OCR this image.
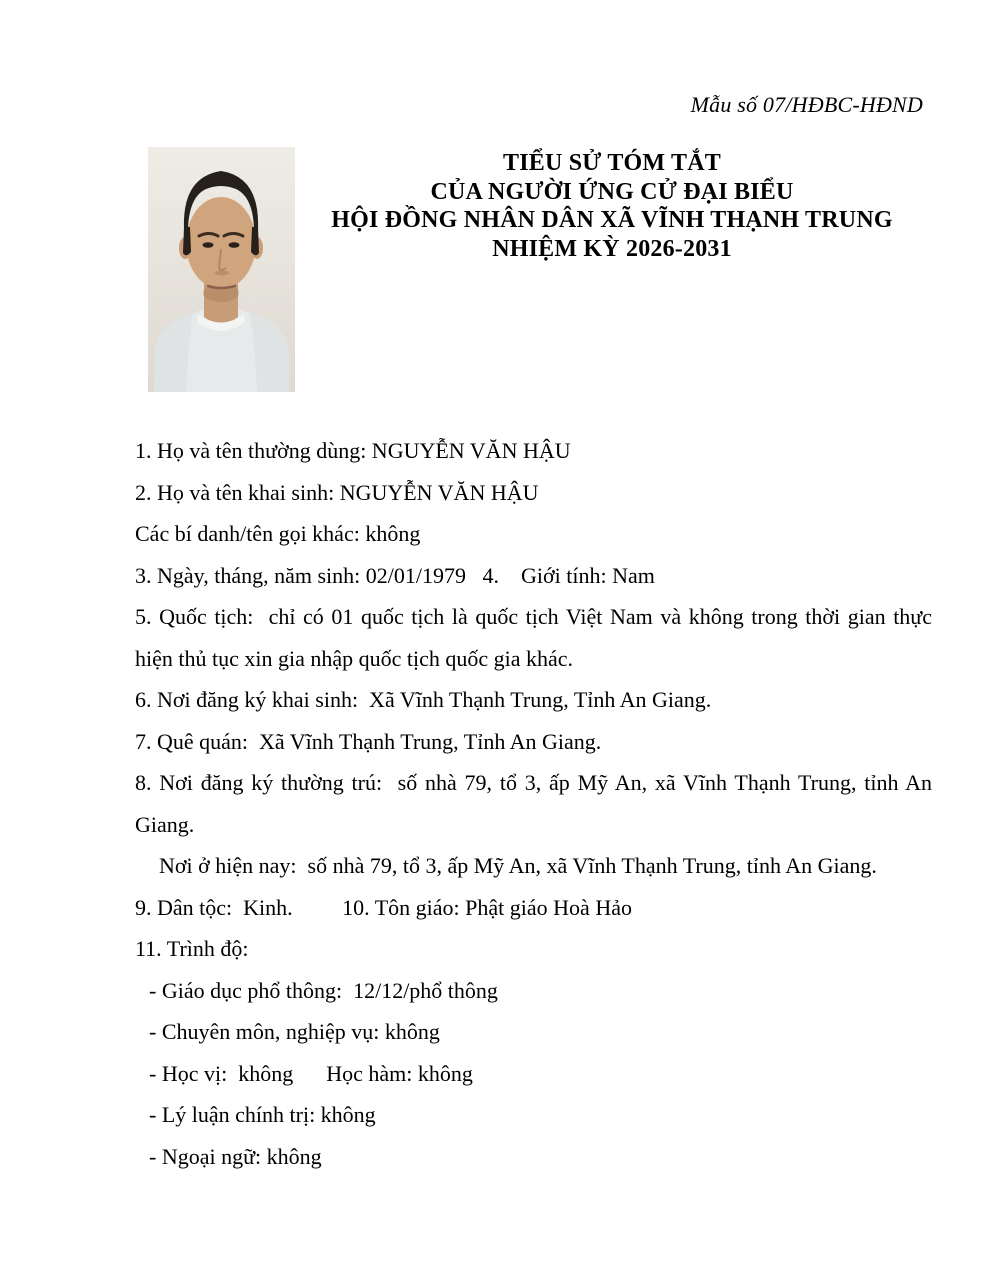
Mẫu số 07/HĐBC-HĐND
TIỂU SỬ TÓM TẮT
CỦA NGƯỜI ỨNG CỬ ĐẠI BIỂU
HỘI ĐỒNG NHÂN DÂN XÃ VĨNH THẠNH TRUNG
NHIỆM KỲ 2026-2031

1. Họ và tên thường dùng: NGUYỄN VĂN HẬU

2. Họ và tên khai sinh: NGUYỄN VĂN HẬU

Các bí danh/tên gọi khác: không

3. Ngày, tháng, năm sinh: 02/01/1979   4.    Giới tính: Nam

5. Quốc tịch:  chỉ có 01 quốc tịch là quốc tịch Việt Nam và không trong thời gian thực hiện thủ tục xin gia nhập quốc tịch quốc gia khác.

6. Nơi đăng ký khai sinh:  Xã Vĩnh Thạnh Trung, Tỉnh An Giang.

7. Quê quán:  Xã Vĩnh Thạnh Trung, Tỉnh An Giang.

8. Nơi đăng ký thường trú:  số nhà 79, tổ 3, ấp Mỹ An, xã Vĩnh Thạnh Trung, tỉnh An Giang.

Nơi ở hiện nay:  số nhà 79, tổ 3, ấp Mỹ An, xã Vĩnh Thạnh Trung, tỉnh An Giang.

9. Dân tộc:  Kinh.         10. Tôn giáo: Phật giáo Hoà Hảo

11. Trình độ:

- Giáo dục phổ thông:  12/12/phổ thông

- Chuyên môn, nghiệp vụ: không

- Học vị:  không      Học hàm: không

- Lý luận chính trị: không

- Ngoại ngữ: không
